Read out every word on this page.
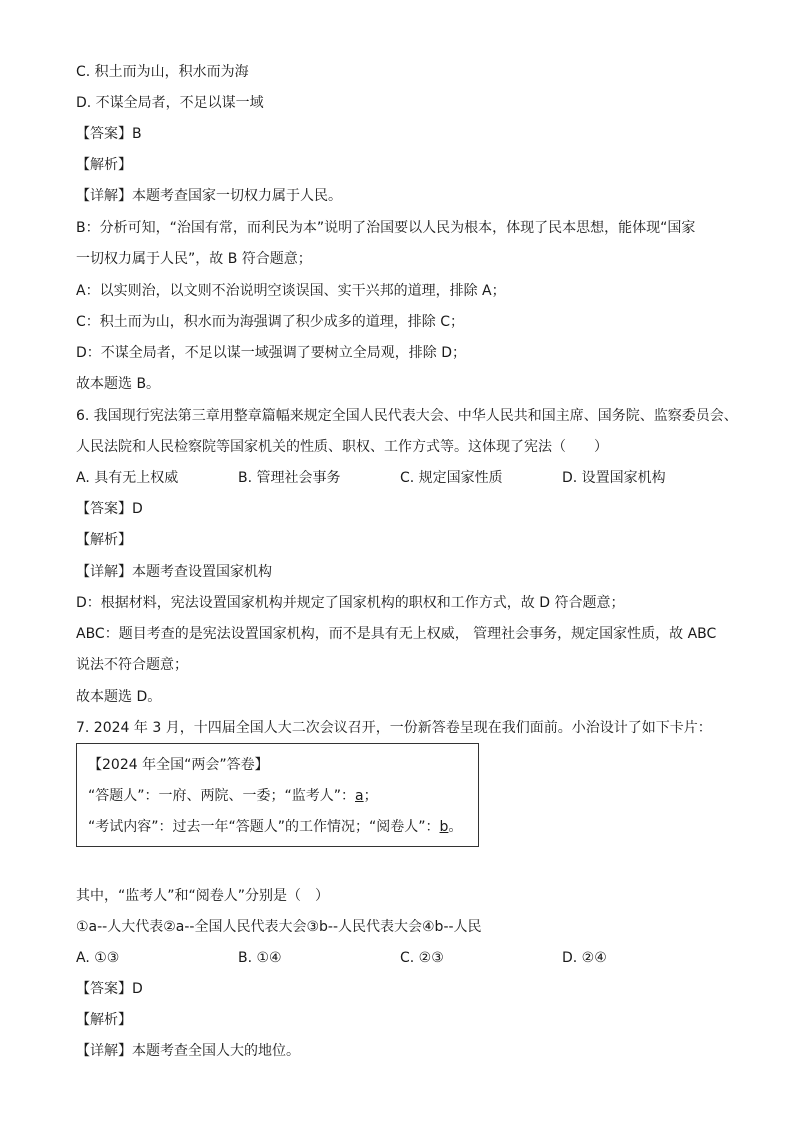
C. 积土而为山，积水而为海
D. 不谋全局者，不足以谋一域
【答案】B
【解析】
【详解】本题考查国家一切权力属于人民。
B：分析可知，“治国有常，而利民为本”说明了治国要以人民为根本，体现了民本思想，能体现“国家
一切权力属于人民”，故 B 符合题意；
A：以实则治，以文则不治说明空谈误国、实干兴邦的道理，排除 A；
C：积土而为山，积水而为海强调了积少成多的道理，排除 C；
D：不谋全局者，不足以谋一域强调了要树立全局观，排除 D；
故本题选 B。
6. 我国现行宪法第三章用整章篇幅来规定全国人民代表大会、中华人民共和国主席、国务院、监察委员会、
人民法院和人民检察院等国家机关的性质、职权、工作方式等。这体现了宪法（　　）
A. 具有无上权威	B. 管理社会事务	C. 规定国家性质	D. 设置国家机构
【答案】D
【解析】
【详解】本题考查设置国家机构
D：根据材料，宪法设置国家机构并规定了国家机构的职权和工作方式，故 D 符合题意；
ABC：题目考查的是宪法设置国家机构，而不是具有无上权威， 管理社会事务，规定国家性质，故 ABC
说法不符合题意；
故本题选 D。
7. 2024 年 3 月，十四届全国人大二次会议召开，一份新答卷呈现在我们面前。小治设计了如下卡片：
【2024 年全国“两会”答卷】
“答题人”：一府、两院、一委；“监考人”：a；
“考试内容”：过去一年“答题人”的工作情况；“阅卷人”：b。
其中，“监考人”和“阅卷人”分别是（　）
①a--人大代表②a--全国人民代表大会③b--人民代表大会④b--人民
A. ①③	B. ①④	C. ②③	D. ②④
【答案】D
【解析】
【详解】本题考查全国人大的地位。
